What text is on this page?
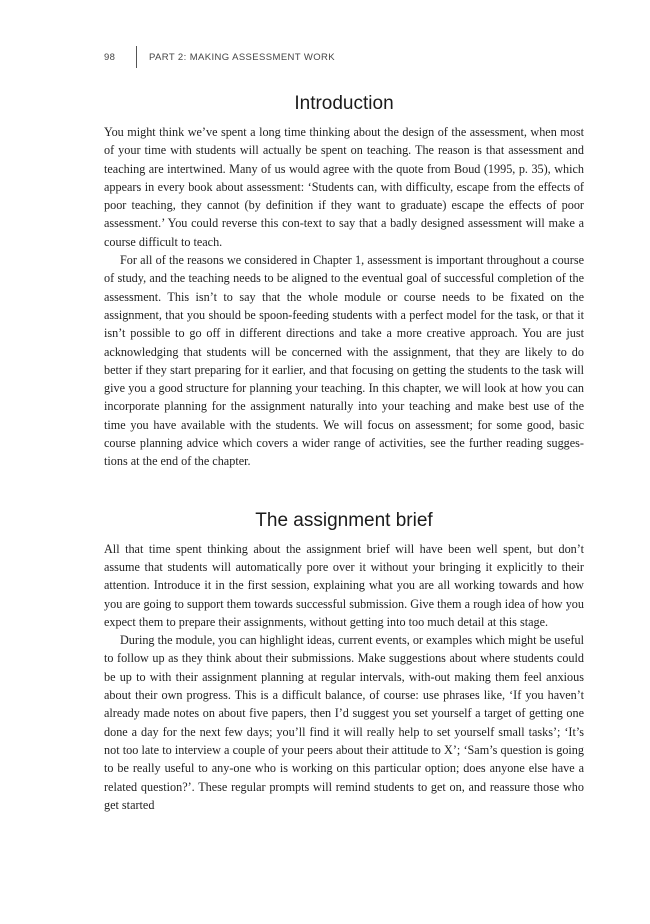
98	PART 2: MAKING ASSESSMENT WORK
Introduction

You might think we’ve spent a long time thinking about the design of the assessment, when most of your time with students will actually be spent on teaching. The reason is that assessment and teaching are intertwined. Many of us would agree with the quote from Boud (1995, p. 35), which appears in every book about assessment: ‘Students can, with difficulty, escape from the effects of poor teaching, they cannot (by definition if they want to graduate) escape the effects of poor assessment.’ You could reverse this con-text to say that a badly designed assessment will make a course difficult to teach.

For all of the reasons we considered in Chapter 1, assessment is important throughout a course of study, and the teaching needs to be aligned to the eventual goal of successful completion of the assessment. This isn’t to say that the whole module or course needs to be fixated on the assignment, that you should be spoon-feeding students with a perfect model for the task, or that it isn’t possible to go off in different directions and take a more creative approach. You are just acknowledging that students will be concerned with the assignment, that they are likely to do better if they start preparing for it earlier, and that focusing on getting the students to the task will give you a good structure for planning your teaching. In this chapter, we will look at how you can incorporate planning for the assignment naturally into your teaching and make best use of the time you have available with the students. We will focus on assessment; for some good, basic course planning advice which covers a wider range of activities, see the further reading sugges-tions at the end of the chapter.

The assignment brief

All that time spent thinking about the assignment brief will have been well spent, but don’t assume that students will automatically pore over it without your bringing it explicitly to their attention. Introduce it in the first session, explaining what you are all working towards and how you are going to support them towards successful submission. Give them a rough idea of how you expect them to prepare their assignments, without getting into too much detail at this stage.

During the module, you can highlight ideas, current events, or examples which might be useful to follow up as they think about their submissions. Make suggestions about where students could be up to with their assignment planning at regular intervals, with-out making them feel anxious about their own progress. This is a difficult balance, of course: use phrases like, ‘If you haven’t already made notes on about five papers, then I’d suggest you set yourself a target of getting one done a day for the next few days; you’ll find it will really help to set yourself small tasks’; ‘It’s not too late to interview a couple of your peers about their attitude to X’; ‘Sam’s question is going to be really useful to any-one who is working on this particular option; does anyone else have a related question?’. These regular prompts will remind students to get on, and reassure those who get started
